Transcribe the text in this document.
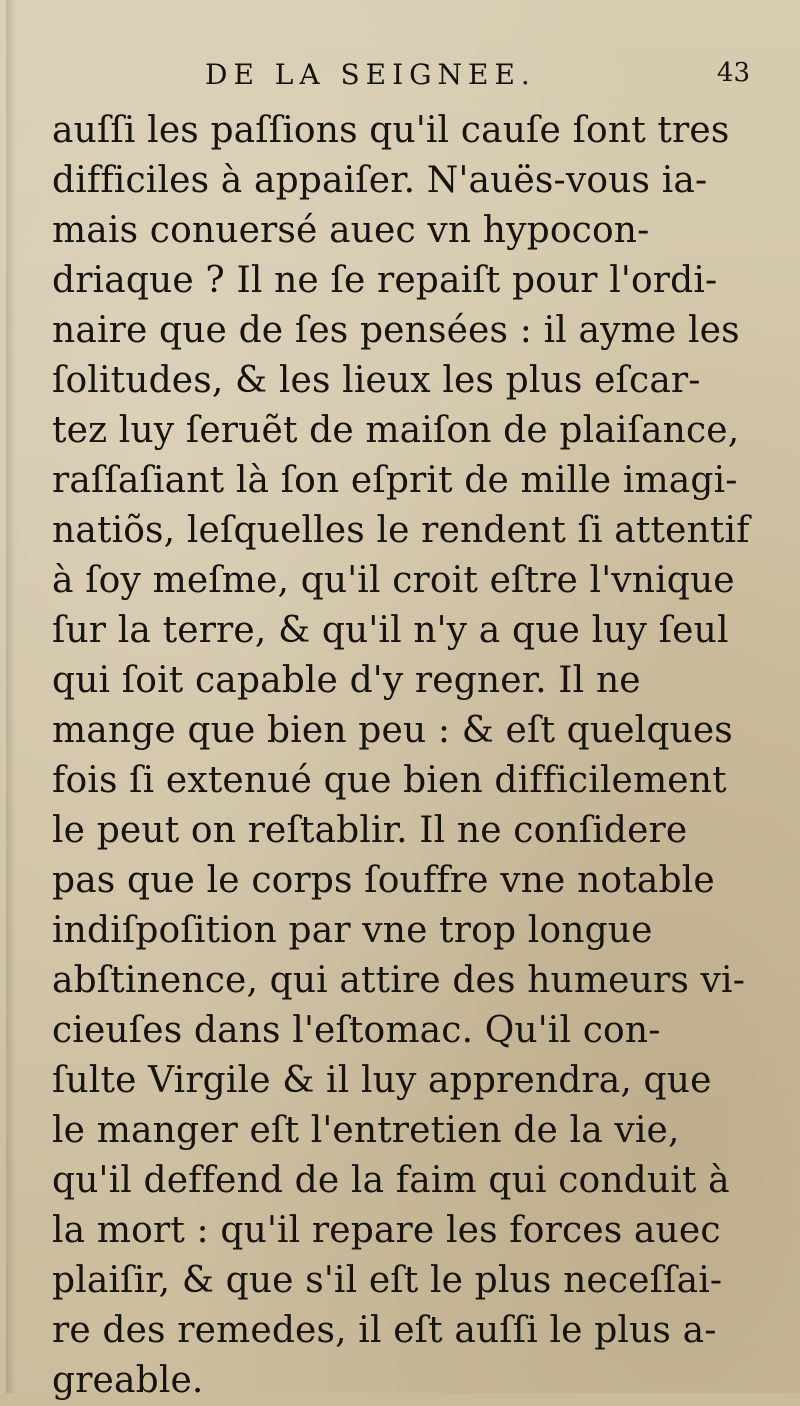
DE LA SEIGNEE.	43
auſſi les paſſions qu'il cauſe ſont tres
difficiles à appaiſer. N'auës-vous ia-
mais conuersé auec vn hypocon-
driaque ? Il ne ſe repaiſt pour l'ordi-
naire que de ſes pensées : il ayme les
ſolitudes, & les lieux les plus eſcar-
tez luy ſeruẽt de maiſon de plaiſance,
raſſaſiant là ſon eſprit de mille imagi-
natiõs, leſquelles le rendent ſi attentif
à ſoy meſme, qu'il croit eſtre l'vnique
ſur la terre, & qu'il n'y a que luy ſeul
qui ſoit capable d'y regner. Il ne
mange que bien peu : & eſt quelques
fois ſi extenué que bien difficilement
le peut on reſtablir. Il ne conſidere
pas que le corps ſouffre vne notable
indiſpoſition par vne trop longue
abſtinence, qui attire des humeurs vi-
cieuſes dans l'eſtomac. Qu'il con-
ſulte Virgile & il luy apprendra, que
le manger eſt l'entretien de la vie,
qu'il deffend de la faim qui conduit à
la mort : qu'il repare les forces auec
plaiſir, & que s'il eſt le plus neceſſai-
re des remedes, il eſt auſſi le plus a-
greable.
